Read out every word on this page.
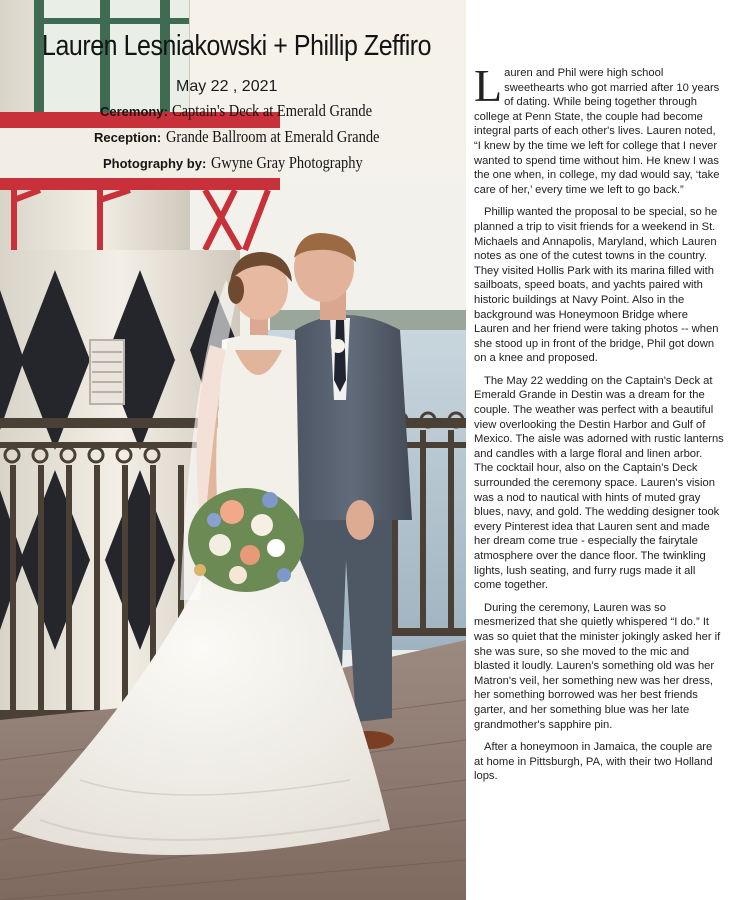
Lauren Lesniakowski + Phillip Zeffiro
May 22 , 2021
Ceremony: Captain's Deck at Emerald Grande
Reception: Grande Ballroom at Emerald Grande
Photography by: Gwyne Gray Photography

Lauren and Phil were high school sweethearts who got married after 10 years of dating. While being together through college at Penn State, the couple had become integral parts of each other's lives. Lauren noted, “I knew by the time we left for college that I never wanted to spend time without him. He knew I was the one when, in college, my dad would say, ‘take care of her,’ every time we left to go back.”

Phillip wanted the proposal to be special, so he planned a trip to visit friends for a weekend in St. Michaels and Annapolis, Maryland, which Lauren notes as one of the cutest towns in the country. They visited Hollis Park with its marina filled with sailboats, speed boats, and yachts paired with historic buildings at Navy Point. Also in the background was Honeymoon Bridge where Lauren and her friend were taking photos -- when she stood up in front of the bridge, Phil got down on a knee and proposed.

The May 22 wedding on the Captain's Deck at Emerald Grande in Destin was a dream for the couple. The weather was perfect with a beautiful view overlooking the Destin Harbor and Gulf of Mexico. The aisle was adorned with rustic lanterns and candles with a large floral and linen arbor. The cocktail hour, also on the Captain's Deck surrounded the ceremony space. Lauren's vision was a nod to nautical with hints of muted gray blues, navy, and gold. The wedding designer took every Pinterest idea that Lauren sent and made her dream come true - especially the fairytale atmosphere over the dance floor. The twinkling lights, lush seating, and furry rugs made it all come together.

During the ceremony, Lauren was so mesmerized that she quietly whispered “I do.” It was so quiet that the minister jokingly asked her if she was sure, so she moved to the mic and blasted it loudly. Lauren's something old was her Matron's veil, her something new was her dress, her something borrowed was her best friends garter, and her something blue was her late grandmother's sapphire pin.

After a honeymoon in Jamaica, the couple are at home in Pittsburgh, PA, with their two Holland lops.
